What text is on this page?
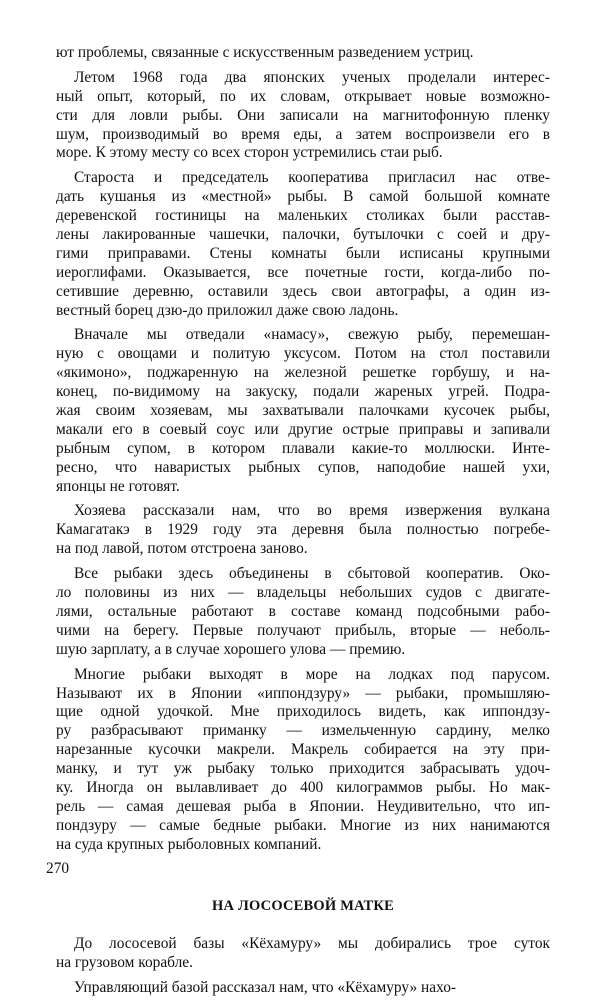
ют проблемы, связанные с искусственным разведением устриц.
Летом 1968 года два японских ученых проделали интерес-
ный опыт, который, по их словам, открывает новые возможно-
сти для ловли рыбы. Они записали на магнитофонную пленку
шум, производимый во время еды, а затем воспроизвели его в
море. К этому месту со всех сторон устремились стаи рыб.
Староста и председатель кооператива пригласил нас отве-
дать кушанья из «местной» рыбы. В самой большой комнате
деревенской гостиницы на маленьких столиках были расстав-
лены лакированные чашечки, палочки, бутылочки с соей и дру-
гими приправами. Стены комнаты были исписаны крупными
иероглифами. Оказывается, все почетные гости, когда-либо по-
сетившие деревню, оставили здесь свои автографы, а один из-
вестный борец дзю-до приложил даже свою ладонь.
Вначале мы отведали «намасу», свежую рыбу, перемешан-
ную с овощами и политую уксусом. Потом на стол поставили
«якимоно», поджаренную на железной решетке горбушу, и на-
конец, по-видимому на закуску, подали жареных угрей. Подра-
жая своим хозяевам, мы захватывали палочками кусочек рыбы,
макали его в соевый соус или другие острые приправы и запивали
рыбным супом, в котором плавали какие-то моллюски. Инте-
ресно, что наваристых рыбных супов, наподобие нашей ухи,
японцы не готовят.
Хозяева рассказали нам, что во время извержения вулкана
Камагатакэ в 1929 году эта деревня была полностью погребе-
на под лавой, потом отстроена заново.
Все рыбаки здесь объединены в сбытовой кооператив. Око-
ло половины из них — владельцы небольших судов с двигате-
лями, остальные работают в составе команд подсобными рабо-
чими на берегу. Первые получают прибыль, вторые — неболь-
шую зарплату, а в случае хорошего улова — премию.
Многие рыбаки выходят в море на лодках под парусом.
Называют их в Японии «иппондзуру» — рыбаки, промышляю-
щие одной удочкой. Мне приходилось видеть, как иппондзу-
ру разбрасывают приманку — измельченную сардину, мелко
нарезанные кусочки макрели. Макрель собирается на эту при-
манку, и тут уж рыбаку только приходится забрасывать удоч-
ку. Иногда он вылавливает до 400 килограммов рыбы. Но мак-
рель — самая дешевая рыба в Японии. Неудивительно, что ип-
пондзуру — самые бедные рыбаки. Многие из них нанимаются
на суда крупных рыболовных компаний.
НА ЛОСОСЕВОЙ МАТКЕ
До лососевой базы «Кёхамуру» мы добирались трое суток
на грузовом корабле.
Управляющий базой рассказал нам, что «Кёхамуру» нахо-
270
